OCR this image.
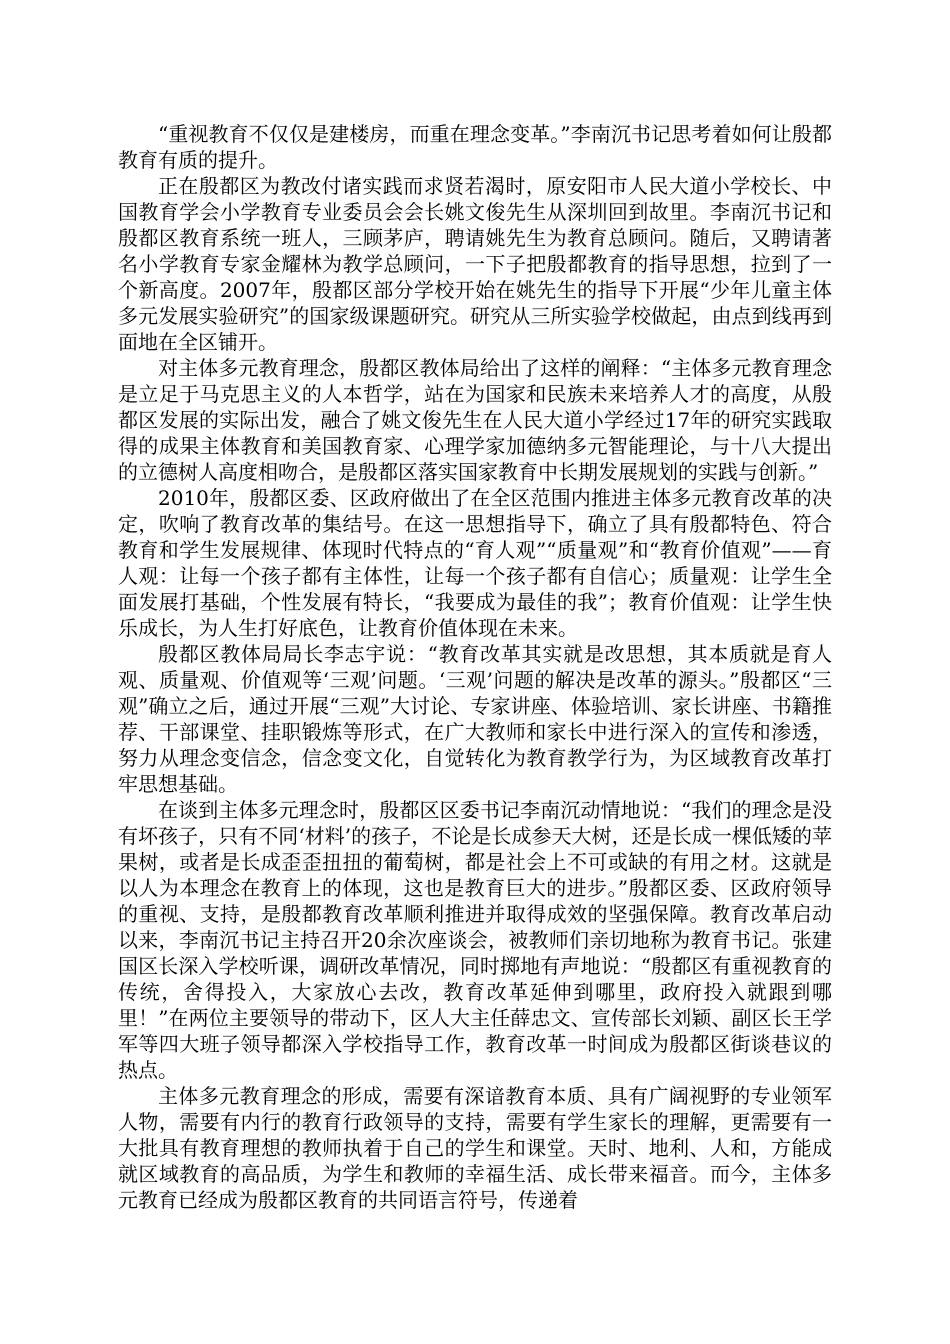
“重视教育不仅仅是建楼房，而重在理念变革。”李南沉书记思考着如何让殷都教育有质的提升。

正在殷都区为教改付诸实践而求贤若渴时，原安阳市人民大道小学校长、中国教育学会小学教育专业委员会会长姚文俊先生从深圳回到故里。李南沉书记和殷都区教育系统一班人，三顾茅庐，聘请姚先生为教育总顾问。随后，又聘请著名小学教育专家金耀林为教学总顾问，一下子把殷都教育的指导思想，拉到了一个新高度。2007年，殷都区部分学校开始在姚先生的指导下开展“少年儿童主体多元发展实验研究”的国家级课题研究。研究从三所实验学校做起，由点到线再到面地在全区铺开。

对主体多元教育理念，殷都区教体局给出了这样的阐释：“主体多元教育理念是立足于马克思主义的人本哲学，站在为国家和民族未来培养人才的高度，从殷都区发展的实际出发，融合了姚文俊先生在人民大道小学经过17年的研究实践取得的成果主体教育和美国教育家、心理学家加德纳多元智能理论，与十八大提出的立德树人高度相吻合，是殷都区落实国家教育中长期发展规划的实践与创新。”

2010年，殷都区委、区政府做出了在全区范围内推进主体多元教育改革的决定，吹响了教育改革的集结号。在这一思想指导下，确立了具有殷都特色、符合教育和学生发展规律、体现时代特点的“育人观”“质量观”和“教育价值观”——育人观：让每一个孩子都有主体性，让每一个孩子都有自信心；质量观：让学生全面发展打基础，个性发展有特长，“我要成为最佳的我”；教育价值观：让学生快乐成长，为人生打好底色，让教育价值体现在未来。

殷都区教体局局长李志宇说：“教育改革其实就是改思想，其本质就是育人观、质量观、价值观等‘三观’问题。‘三观’问题的解决是改革的源头。”殷都区“三观”确立之后，通过开展“三观”大讨论、专家讲座、体验培训、家长讲座、书籍推荐、干部课堂、挂职锻炼等形式，在广大教师和家长中进行深入的宣传和渗透，努力从理念变信念，信念变文化，自觉转化为教育教学行为，为区域教育改革打牢思想基础。

在谈到主体多元理念时，殷都区区委书记李南沉动情地说：“我们的理念是没有坏孩子，只有不同‘材料’的孩子，不论是长成参天大树，还是长成一棵低矮的苹果树，或者是长成歪歪扭扭的葡萄树，都是社会上不可或缺的有用之材。这就是以人为本理念在教育上的体现，这也是教育巨大的进步。”殷都区委、区政府领导的重视、支持，是殷都教育改革顺利推进并取得成效的坚强保障。教育改革启动以来，李南沉书记主持召开20余次座谈会，被教师们亲切地称为教育书记。张建国区长深入学校听课，调研改革情况，同时掷地有声地说：“殷都区有重视教育的传统，舍得投入，大家放心去改，教育改革延伸到哪里，政府投入就跟到哪里！”在两位主要领导的带动下，区人大主任薛忠文、宣传部长刘颖、副区长王学军等四大班子领导都深入学校指导工作，教育改革一时间成为殷都区街谈巷议的热点。

主体多元教育理念的形成，需要有深谙教育本质、具有广阔视野的专业领军人物，需要有内行的教育行政领导的支持，需要有学生家长的理解，更需要有一大批具有教育理想的教师执着于自己的学生和课堂。天时、地利、人和，方能成就区域教育的高品质，为学生和教师的幸福生活、成长带来福音。而今，主体多元教育已经成为殷都区教育的共同语言符号，传递着
